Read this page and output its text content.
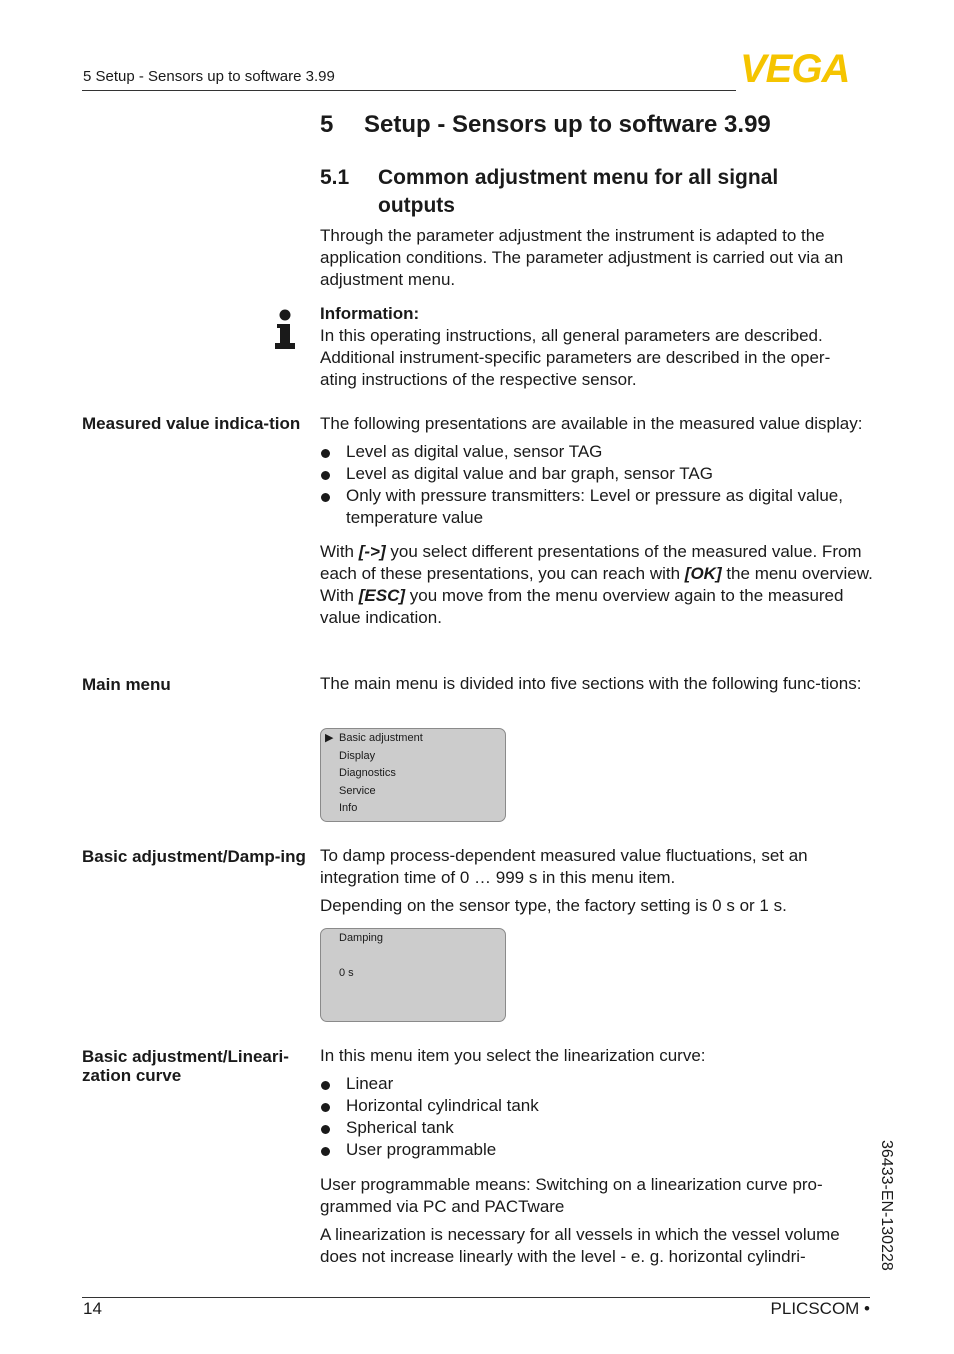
5 Setup - Sensors up to software 3.99	VEGA
5 Setup - Sensors up to software 3.99
5.1 Common adjustment menu for all signal outputs
Through the parameter adjustment the instrument is adapted to the application conditions. The parameter adjustment is carried out via an adjustment menu.
Information:
In this operating instructions, all general parameters are described. Additional instrument-specific parameters are described in the oper-ating instructions of the respective sensor.
Measured value indica-tion	The following presentations are available in the measured value display:
Level as digital value, sensor TAG
Level as digital value and bar graph, sensor TAG
Only with pressure transmitters: Level or pressure as digital value, temperature value
With [->] you select different presentations of the measured value. From each of these presentations, you can reach with [OK] the menu overview. With [ESC] you move from the menu overview again to the measured value indication.
Main menu	The main menu is divided into five sections with the following func-tions:
▶ Basic adjustment
Display
Diagnostics
Service
Info
Basic adjustment/Damp-ing To damp process-dependent measured value fluctuations, set an integration time of 0 … 999 s in this menu item.
Depending on the sensor type, the factory setting is 0 s or 1 s.
Damping
0 s
Basic adjustment/Lineari-zation curve
In this menu item you select the linearization curve:
Linear
Horizontal cylindrical tank
Spherical tank
User programmable
User programmable means: Switching on a linearization curve pro-grammed via PC and PACTware
A linearization is necessary for all vessels in which the vessel volume does not increase linearly with the level - e. g. horizontal cylindri-	36433-EN-130228
14	PLICSCOM •
